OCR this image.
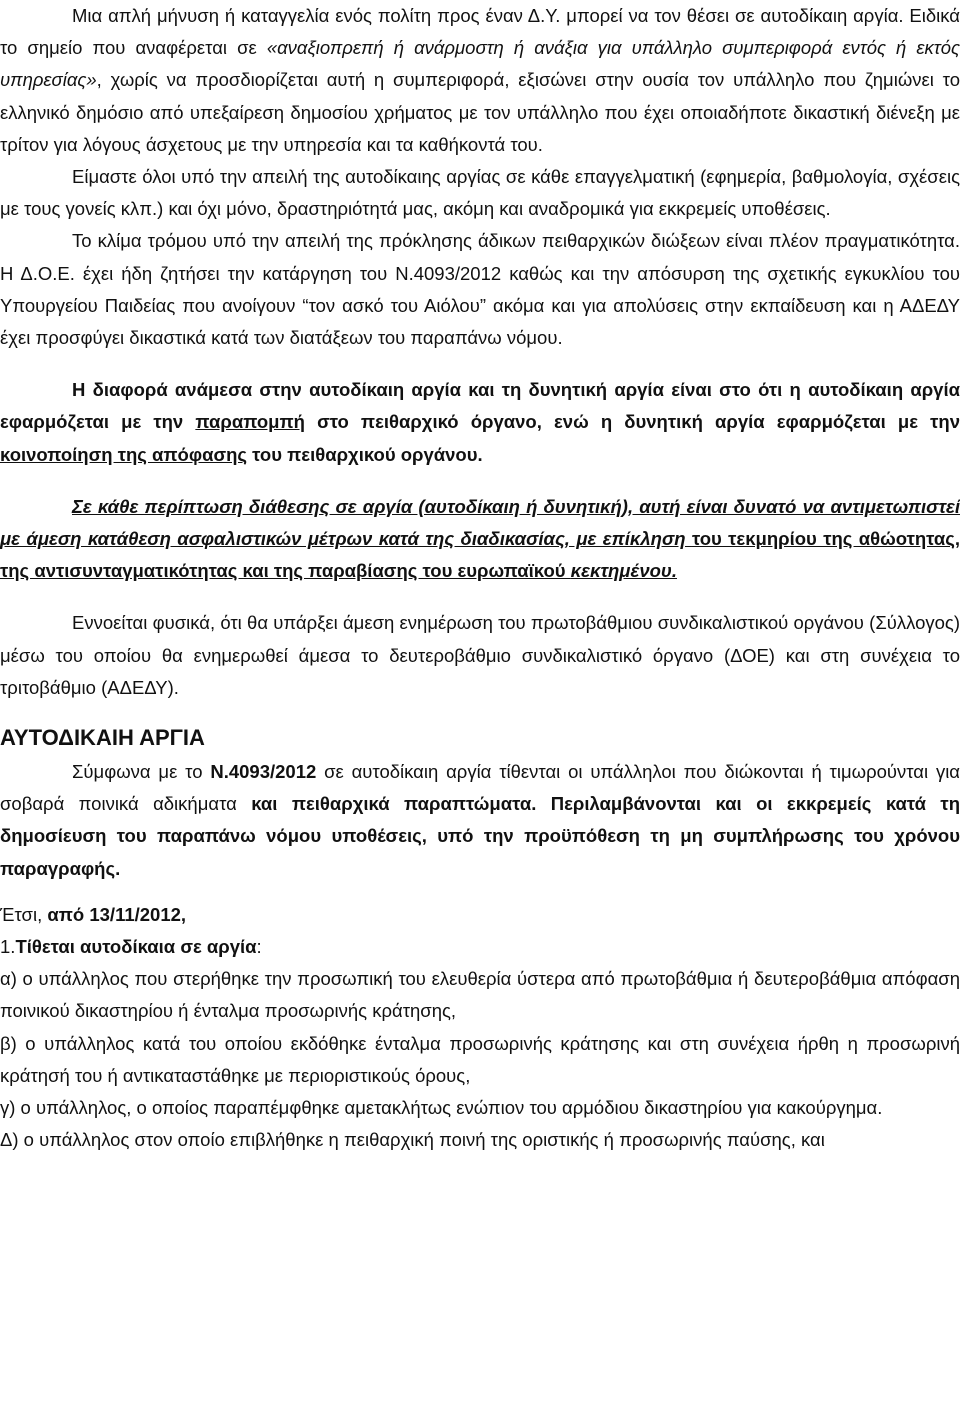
Μια απλή μήνυση ή καταγγελία ενός πολίτη προς έναν Δ.Υ. μπορεί να τον θέσει σε αυτοδίκαιη αργία. Ειδικά το σημείο που αναφέρεται σε «αναξιοπρεπή ή ανάρμοστη ή ανάξια για υπάλληλο συμπεριφορά εντός ή εκτός υπηρεσίας», χωρίς να προσδιορίζεται αυτή η συμπεριφορά, εξισώνει στην ουσία τον υπάλληλο που ζημιώνει το ελληνικό δημόσιο από υπεξαίρεση δημοσίου χρήματος με τον υπάλληλο που έχει οποιαδήποτε δικαστική διένεξη με τρίτον για λόγους άσχετους με την υπηρεσία και τα καθήκοντά του.

Είμαστε όλοι υπό την απειλή της αυτοδίκαιης αργίας σε κάθε επαγγελματική (εφημερία, βαθμολογία, σχέσεις με τους γονείς κλπ.) και όχι μόνο, δραστηριότητά μας, ακόμη και αναδρομικά για εκκρεμείς υποθέσεις.

Το κλίμα τρόμου υπό την απειλή της πρόκλησης άδικων πειθαρχικών διώξεων είναι πλέον πραγματικότητα. Η Δ.Ο.Ε. έχει ήδη ζητήσει την κατάργηση του Ν.4093/2012 καθώς και την απόσυρση της σχετικής εγκυκλίου του Υπουργείου Παιδείας που ανοίγουν “τον ασκό του Αιόλου” ακόμα και για απολύσεις στην εκπαίδευση και η ΑΔΕΔΥ έχει προσφύγει δικαστικά κατά των διατάξεων του παραπάνω νόμου.

Η διαφορά ανάμεσα στην αυτοδίκαιη αργία και τη δυνητική αργία είναι στο ότι η αυτοδίκαιη αργία εφαρμόζεται με την παραπομπή στο πειθαρχικό όργανο, ενώ η δυνητική αργία εφαρμόζεται με την κοινοποίηση της απόφασης του πειθαρχικού οργάνου.

Σε κάθε περίπτωση διάθεσης σε αργία (αυτοδίκαιη ή δυνητική), αυτή είναι δυνατό να αντιμετωπιστεί με άμεση κατάθεση ασφαλιστικών μέτρων κατά της διαδικασίας, με επίκληση του τεκμηρίου της αθώοτητας, της αντισυνταγματικότητας και της παραβίασης του ευρωπαϊκού κεκτημένου.

Εννοείται φυσικά, ότι θα υπάρξει άμεση ενημέρωση του πρωτοβάθμιου συνδικαλιστικού οργάνου (Σύλλογος) μέσω του οποίου θα ενημερωθεί άμεσα το δευτεροβάθμιο συνδικαλιστικό όργανο (ΔΟΕ) και στη συνέχεια το τριτοβάθμιο (ΑΔΕΔΥ).

ΑΥΤΟΔΙΚΑΙΗ ΑΡΓΙΑ

Σύμφωνα με το Ν.4093/2012 σε αυτοδίκαιη αργία τίθενται οι υπάλληλοι που διώκονται ή τιμωρούνται για σοβαρά ποινικά αδικήματα και πειθαρχικά παραπτώματα. Περιλαμβάνονται και οι εκκρεμείς κατά τη δημοσίευση του παραπάνω νόμου υποθέσεις, υπό την προϋπόθεση τη μη συμπλήρωσης του χρόνου παραγραφής.

Έτσι, από 13/11/2012,

1.Τίθεται αυτοδίκαια σε αργία:

α) ο υπάλληλος που στερήθηκε την προσωπική του ελευθερία ύστερα από πρωτοβάθμια ή δευτεροβάθμια απόφαση ποινικού δικαστηρίου ή ένταλμα προσωρινής κράτησης,

β) ο υπάλληλος κατά του οποίου εκδόθηκε ένταλμα προσωρινής κράτησης και στη συνέχεια ήρθη η προσωρινή κράτησή του ή αντικαταστάθηκε με περιοριστικούς όρους,

γ) ο υπάλληλος, ο οποίος παραπέμφθηκε αμετακλήτως ενώπιον του αρμόδιου δικαστηρίου για κακούργημα.

Δ) ο υπάλληλος στον οποίο επιβλήθηκε η πειθαρχική ποινή της οριστικής ή προσωρινής παύσης, και
